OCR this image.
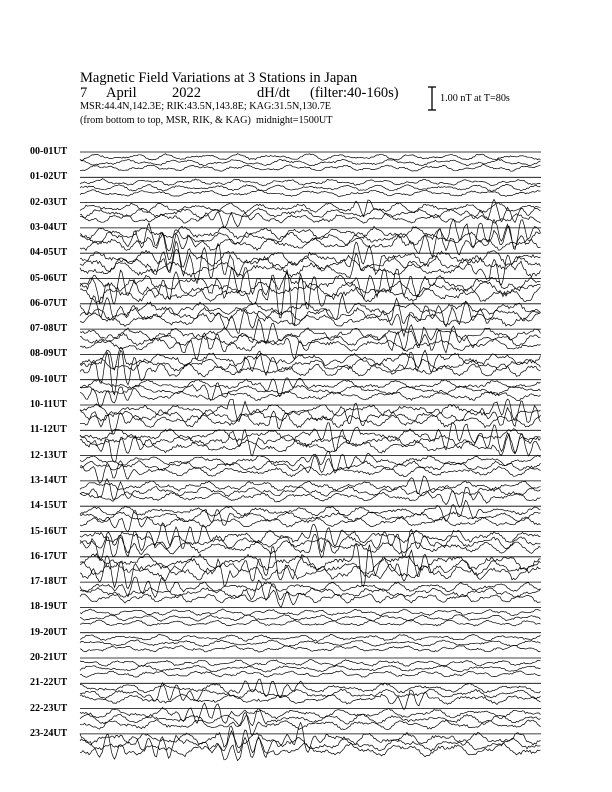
Magnetic Field Variations at 3 Stations in Japan

7

April

2022

	dH/dt

(filter:40-160s)

MSR:44.4N,142.3E; RIK:43.5N,143.8E; KAG:31.5N,130.7E
(from bottom to top, MSR, RIK, & KAG)  midnight=1500UT
1.00 nT at T=80s
00-01UT
01-02UT
02-03UT
03-04UT
04-05UT
05-06UT
06-07UT
07-08UT
08-09UT
09-10UT
10-11UT
11-12UT
12-13UT
13-14UT
14-15UT
15-16UT
16-17UT
17-18UT
18-19UT
19-20UT
20-21UT
21-22UT
22-23UT
23-24UT
